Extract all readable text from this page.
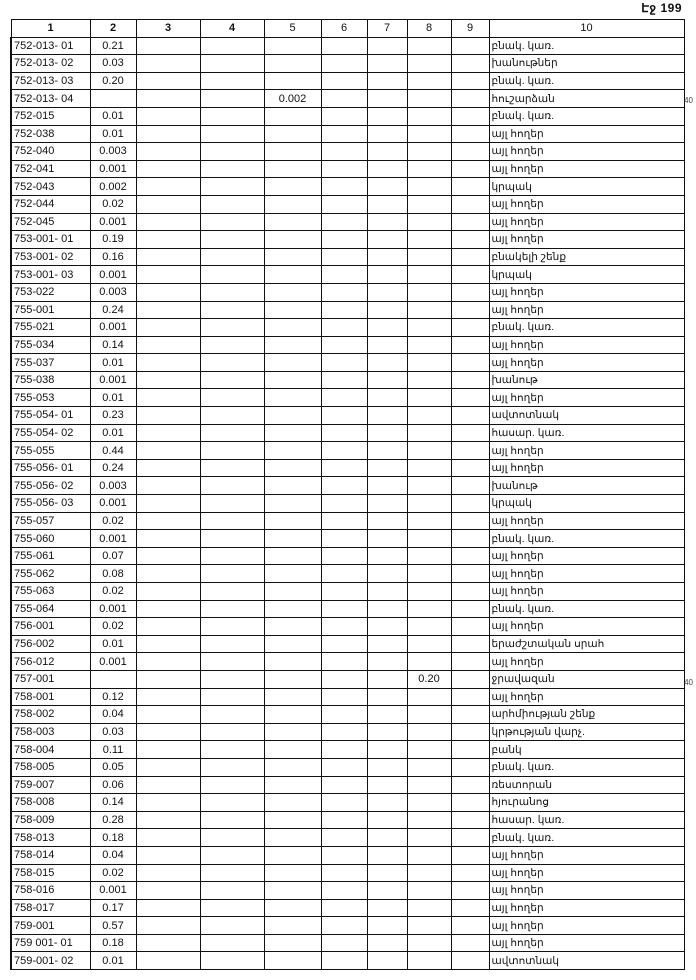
Էջ 199
40
40
1	2	3	4	5	6	7	8	9	10
752-013- 01	0.21								բնակ. կառ.
752-013- 02	0.03								խանութներ
752-013- 03	0.20								բնակ. կառ.
752-013- 04				0.002					հուշարձան
752-015	0.01								բնակ. կառ.
752-038	0.01								այլ հողեր
752-040	0.003								այլ հողեր
752-041	0.001								այլ հողեր
752-043	0.002								կրպակ
752-044	0.02								այլ հողեր
752-045	0.001								այլ հողեր
753-001- 01	0.19								այլ հողեր
753-001- 02	0.16								բնակելի շենք
753-001- 03	0.001								կրպակ
753-022	0.003								այլ հողեր
755-001	0.24								այլ հողեր
755-021	0.001								բնակ. կառ.
755-034	0.14								այլ հողեր
755-037	0.01								այլ հողեր
755-038	0.001								խանութ
755-053	0.01								այլ հողեր
755-054- 01	0.23								ավտոտնակ
755-054- 02	0.01								հասար. կառ.
755-055	0.44								այլ հողեր
755-056- 01	0.24								այլ հողեր
755-056- 02	0.003								խանութ
755-056- 03	0.001								կրպակ
755-057	0.02								այլ հողեր
755-060	0.001								բնակ. կառ.
755-061	0.07								այլ հողեր
755-062	0.08								այլ հողեր
755-063	0.02								այլ հողեր
755-064	0.001								բնակ. կառ.
756-001	0.02								այլ հողեր
756-002	0.01								երաժշտական սրահ
756-012	0.001								այլ հողեր
757-001							0.20		ջրավազան
758-001	0.12								այլ հողեր
758-002	0.04								արհմիության շենք
758-003	0.03								կրթության վարչ.
758-004	0.11								բանկ
758-005	0.05								բնակ. կառ.
759-007	0.06								ռեստորան
758-008	0.14								հյուրանոց
758-009	0.28								հասար. կառ.
758-013	0.18								բնակ. կառ.
758-014	0.04								այլ հողեր
758-015	0.02								այլ հողեր
758-016	0.001								այլ հողեր
758-017	0.17								այլ հողեր
759-001	0.57								այլ հողեր
759 001- 01	0.18								այլ հողեր
759-001- 02	0.01								ավտոտնակ
